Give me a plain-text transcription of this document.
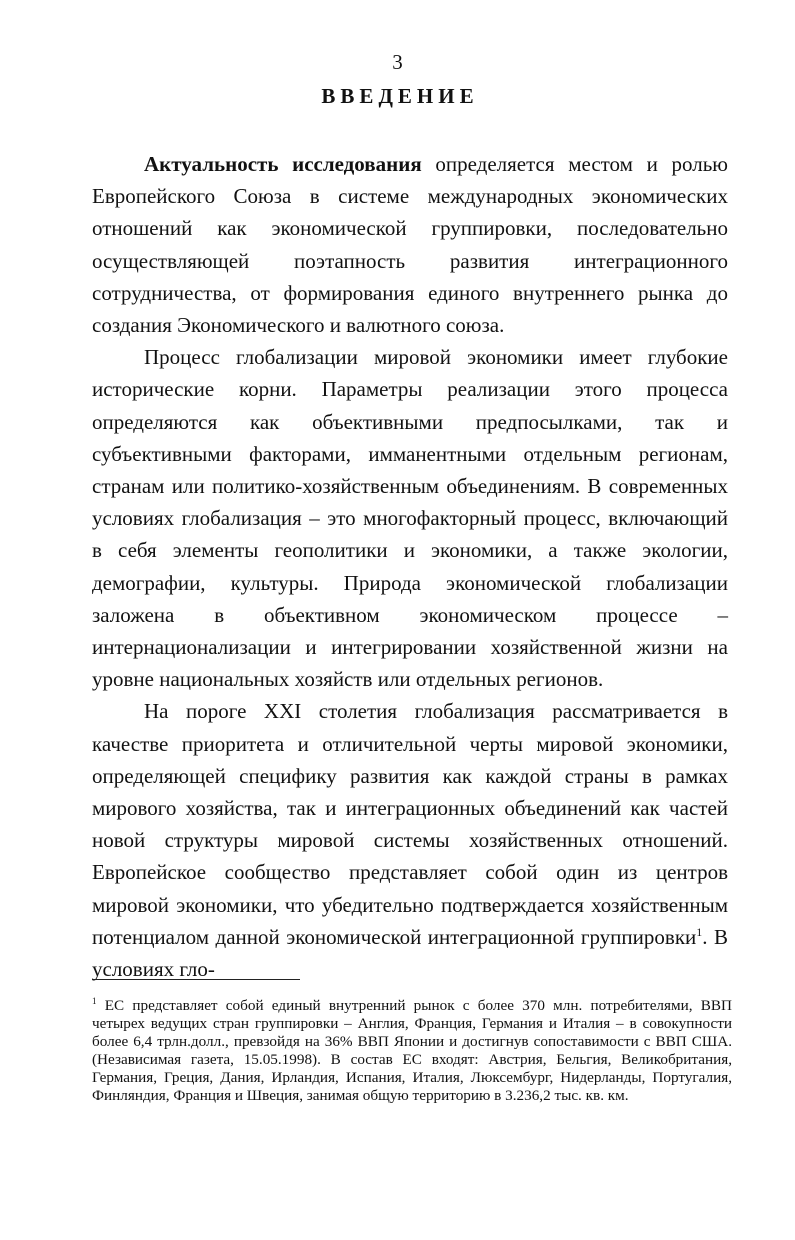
3
ВВЕДЕНИЕ

Актуальность исследования определяется местом и ролью Европейского Союза в системе международных экономических отношений как экономической группировки, последовательно осуществляющей поэтапность развития интеграционного сотрудничества, от формирования единого внутреннего рынка до создания Экономического и валютного союза.

Процесс глобализации мировой экономики имеет глубокие исторические корни. Параметры реализации этого процесса определяются как объективными предпосылками, так и субъективными факторами, имманентными отдельным регионам, странам или политико-хозяйственным объединениям. В современных условиях глобализация – это многофакторный процесс, включающий в себя элементы геополитики и экономики, а также экологии, демографии, культуры. Природа экономической глобализации заложена в объективном экономическом процессе – интернационализации и интегрировании хозяйственной жизни на уровне национальных хозяйств или отдельных регионов.

На пороге XXI столетия глобализация рассматривается в качестве приоритета и отличительной черты мировой экономики, определяющей специфику развития как каждой страны в рамках мирового хозяйства, так и интеграционных объединений как частей новой структуры мировой системы хозяйственных отношений. Европейское сообщество представляет собой один из центров мировой экономики, что убедительно подтверждается хозяйственным потенциалом данной экономической интеграционной группировки$^1$. В условиях гло-

$^1$ ЕС представляет собой единый внутренний рынок с более 370 млн. потребителями, ВВП четырех ведущих стран группировки – Англия, Франция, Германия и Италия – в совокупности более 6,4 трлн.долл., превзойдя на 36% ВВП Японии и достигнув сопоставимости с ВВП США. (Независимая газета, 15.05.1998). В состав ЕС входят: Австрия, Бельгия, Великобритания, Германия, Греция, Дания, Ирландия, Испания, Италия, Люксембург, Нидерланды, Португалия, Финляндия, Франция и Швеция, занимая общую территорию в 3.236,2 тыс. кв. км.
